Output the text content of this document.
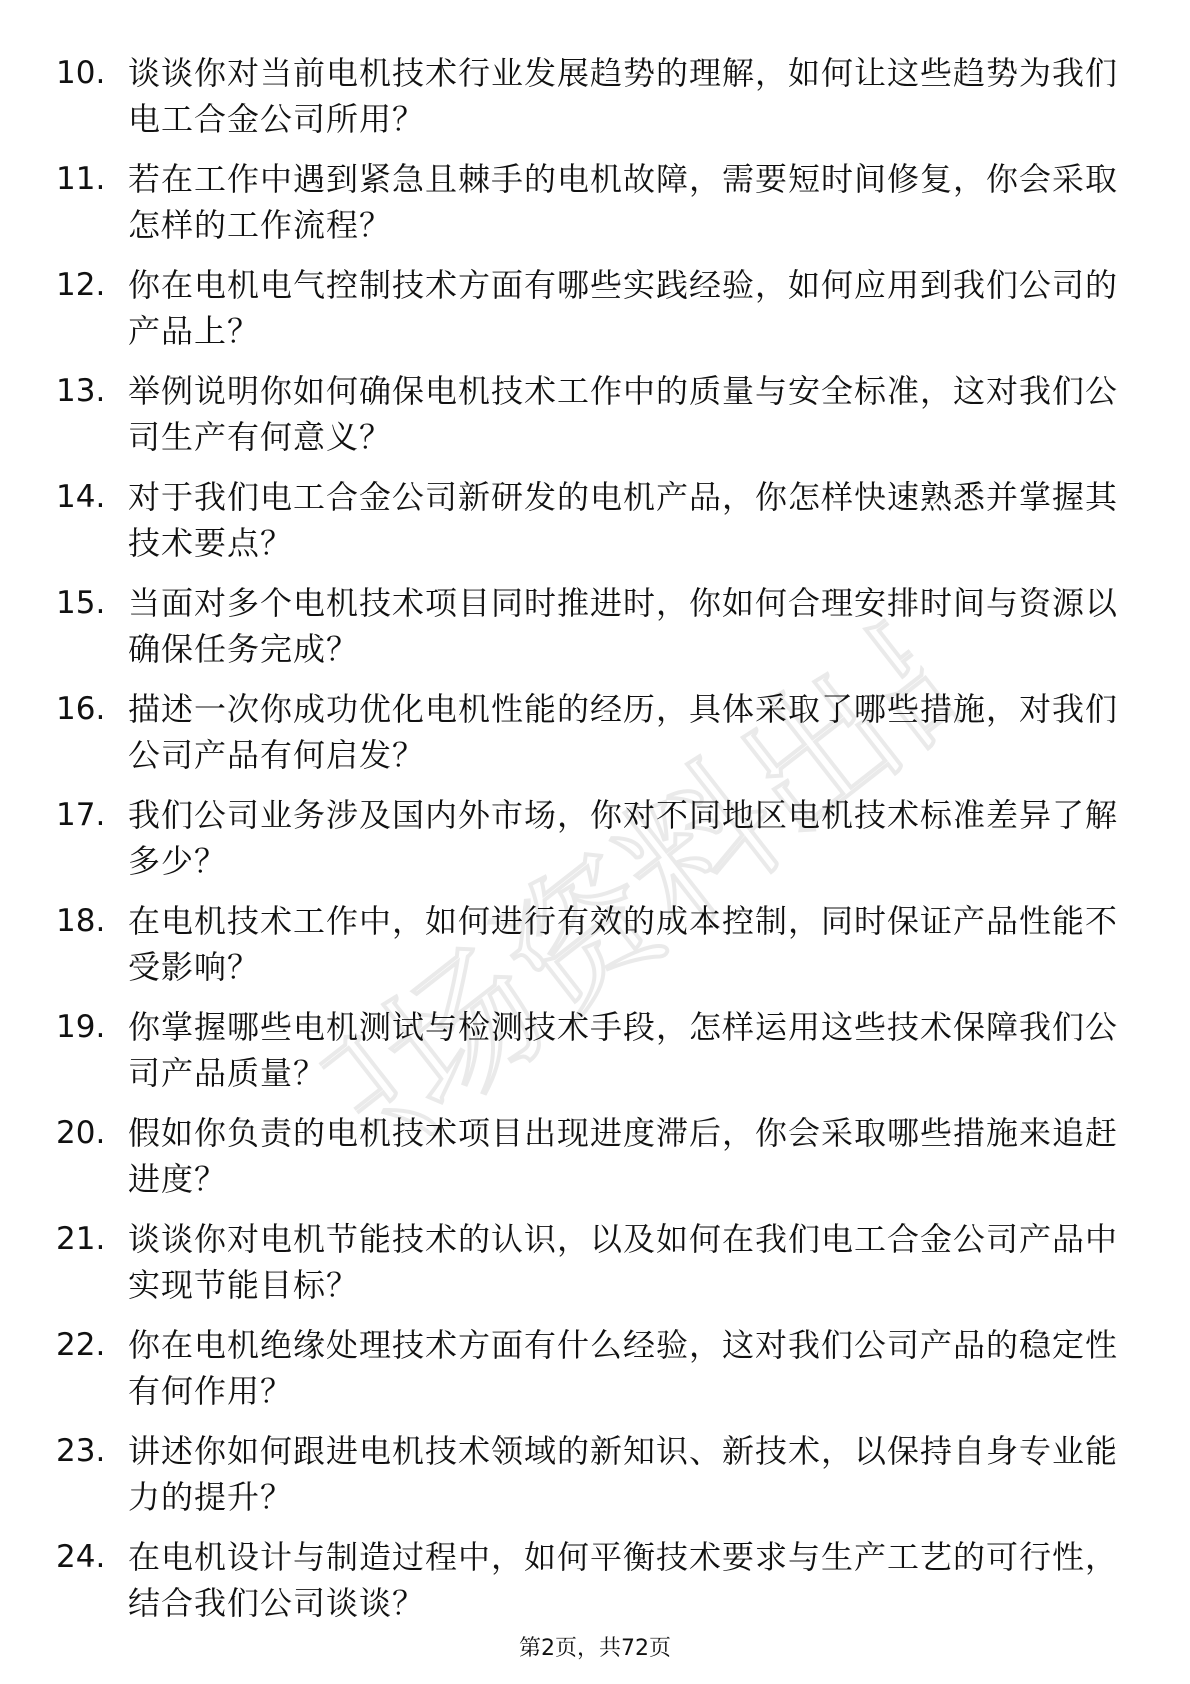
职场资料出品
10. 谈谈你对当前电机技术行业发展趋势的理解，如何让这些趋势为我们电工合金公司所用？
11. 若在工作中遇到紧急且棘手的电机故障，需要短时间修复，你会采取怎样的工作流程？
12. 你在电机电气控制技术方面有哪些实践经验，如何应用到我们公司的产品上？
13. 举例说明你如何确保电机技术工作中的质量与安全标准，这对我们公司生产有何意义？
14. 对于我们电工合金公司新研发的电机产品，你怎样快速熟悉并掌握其技术要点？
15. 当面对多个电机技术项目同时推进时，你如何合理安排时间与资源以确保任务完成？
16. 描述一次你成功优化电机性能的经历，具体采取了哪些措施，对我们公司产品有何启发？
17. 我们公司业务涉及国内外市场，你对不同地区电机技术标准差异了解多少？
18. 在电机技术工作中，如何进行有效的成本控制，同时保证产品性能不受影响？
19. 你掌握哪些电机测试与检测技术手段，怎样运用这些技术保障我们公司产品质量？
20. 假如你负责的电机技术项目出现进度滞后，你会采取哪些措施来追赶进度？
21. 谈谈你对电机节能技术的认识，以及如何在我们电工合金公司产品中实现节能目标？
22. 你在电机绝缘处理技术方面有什么经验，这对我们公司产品的稳定性有何作用？
23. 讲述你如何跟进电机技术领域的新知识、新技术，以保持自身专业能力的提升？
24. 在电机设计与制造过程中，如何平衡技术要求与生产工艺的可行性，结合我们公司谈谈？
第2页，共72页
